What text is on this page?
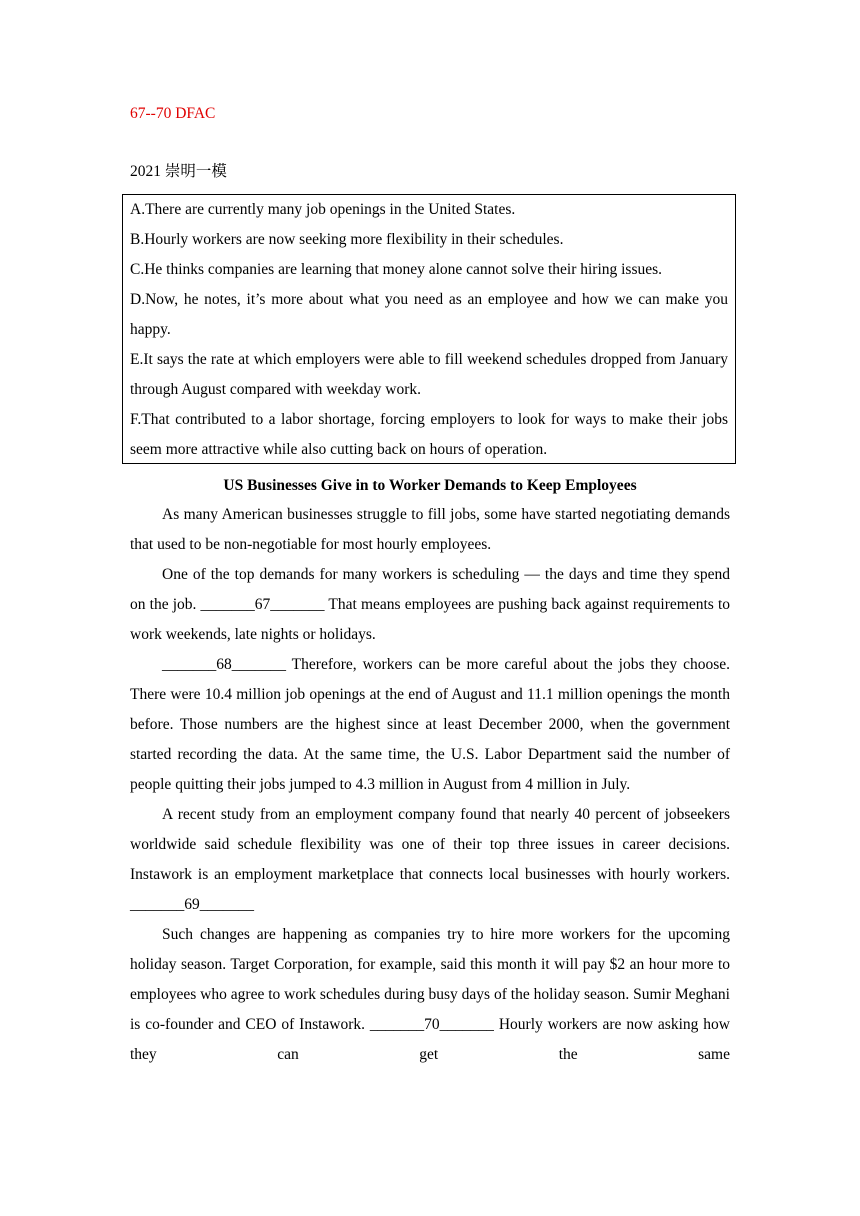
67--70 DFAC
2021 崇明一模

A.There are currently many job openings in the United States.

B.Hourly workers are now seeking more flexibility in their schedules.

C.He thinks companies are learning that money alone cannot solve their hiring issues.

D.Now, he notes, it’s more about what you need as an employee and how we can make you happy.

E.It says the rate at which employers were able to fill weekend schedules dropped from January through August compared with weekday work.

F.That contributed to a labor shortage, forcing employers to look for ways to make their jobs seem more attractive while also cutting back on hours of operation.

US Businesses Give in to Worker Demands to Keep Employees

As many American businesses struggle to fill jobs, some have started negotiating demands that used to be non-negotiable for most hourly employees.

One of the top demands for many workers is scheduling — the days and time they spend on the job. _______67_______ That means employees are pushing back against requirements to work weekends, late nights or holidays.

_______68_______ Therefore, workers can be more careful about the jobs they choose. There were 10.4 million job openings at the end of August and 11.1 million openings the month before. Those numbers are the highest since at least December 2000, when the government started recording the data. At the same time, the U.S. Labor Department said the number of people quitting their jobs jumped to 4.3 million in August from 4 million in July.

A recent study from an employment company found that nearly 40 percent of jobseekers worldwide said schedule flexibility was one of their top three issues in career decisions. Instawork is an employment marketplace that connects local businesses with hourly workers. _______69_______

Such changes are happening as companies try to hire more workers for the upcoming holiday season. Target Corporation, for example, said this month it will pay $2 an hour more to employees who agree to work schedules during busy days of the holiday season. Sumir Meghani is co-founder and CEO of Instawork. _______70_______ Hourly workers are now asking how they can get the same
